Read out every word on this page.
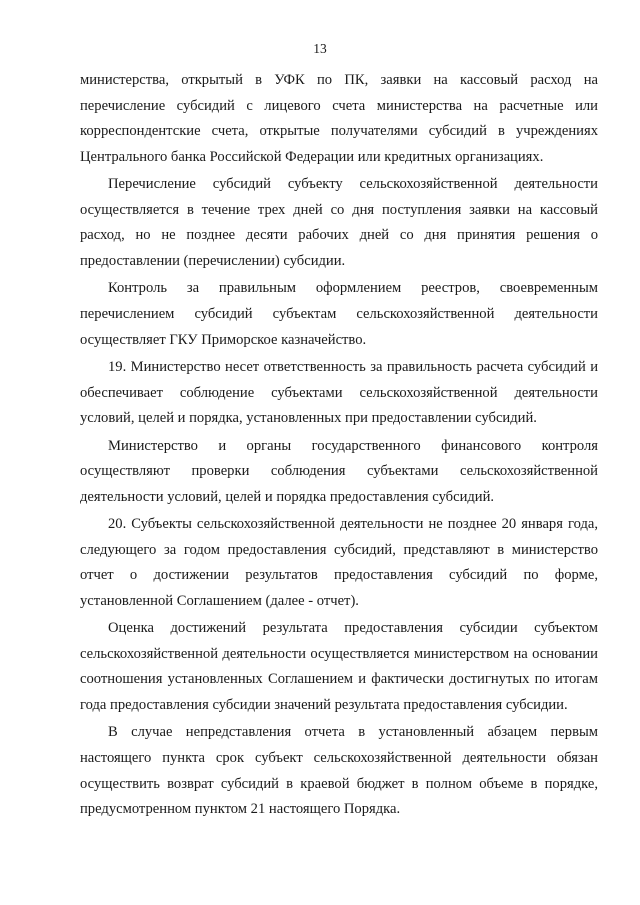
13

министерства, открытый в УФК по ПК, заявки на кассовый расход на перечисление субсидий с лицевого счета министерства на расчетные или корреспондентские счета, открытые получателями субсидий в учреждениях Центрального банка Российской Федерации или кредитных организациях.

Перечисление субсидий субъекту сельскохозяйственной деятельности осуществляется в течение трех дней со дня поступления заявки на кассовый расход, но не позднее десяти рабочих дней со дня принятия решения о предоставлении (перечислении) субсидии.

Контроль за правильным оформлением реестров, своевременным перечислением субсидий субъектам сельскохозяйственной деятельности осуществляет ГКУ Приморское казначейство.

19. Министерство несет ответственность за правильность расчета субсидий и обеспечивает соблюдение субъектами сельскохозяйственной деятельности условий, целей и порядка, установленных при предоставлении субсидий.

Министерство и органы государственного финансового контроля осуществляют проверки соблюдения субъектами сельскохозяйственной деятельности условий, целей и порядка предоставления субсидий.

20. Субъекты сельскохозяйственной деятельности не позднее 20 января года, следующего за годом предоставления субсидий, представляют в министерство отчет о достижении результатов предоставления субсидий по форме, установленной Соглашением (далее - отчет).

Оценка достижений результата предоставления субсидии субъектом сельскохозяйственной деятельности осуществляется министерством на основании соотношения установленных Соглашением и фактически достигнутых по итогам года предоставления субсидии значений результата предоставления субсидии.

В случае непредставления отчета в установленный абзацем первым настоящего пункта срок субъект сельскохозяйственной деятельности обязан осуществить возврат субсидий в краевой бюджет в полном объеме в порядке, предусмотренном пунктом 21 настоящего Порядка.
